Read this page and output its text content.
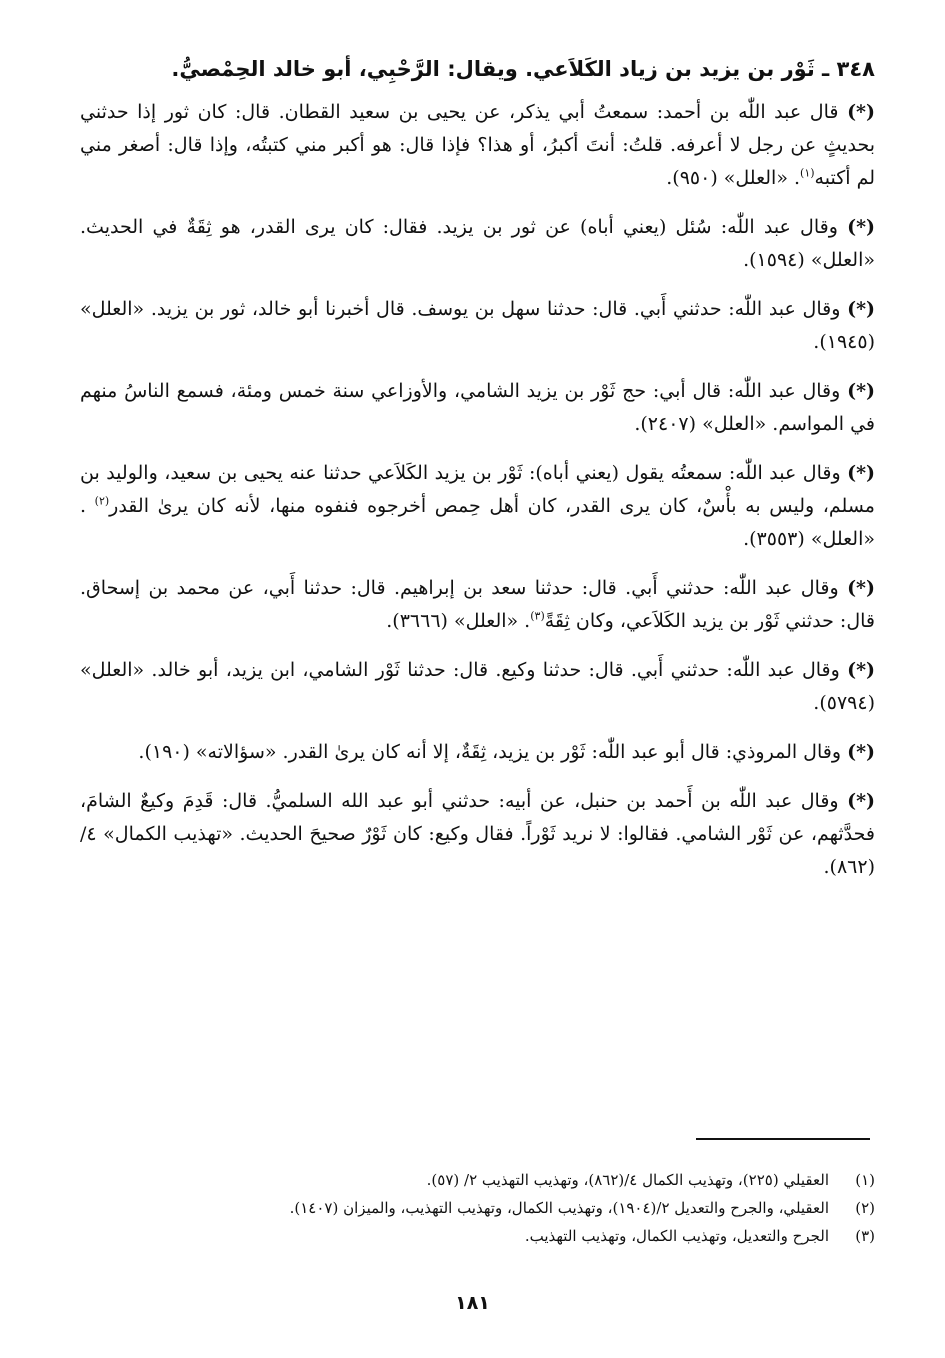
٣٤٨ ـ ثَوْر بن يزيد بن زياد الكَلاَعي. ويقال: الرَّحْبِي، أبو خالد الحِمْصيُّ.
(*) قال عبد اللّٰه بن أحمد: سمعتُ أبي يذكر، عن يحيى بن سعيد القطان. قال: كان ثور إذا حدثني بحديثٍ عن رجل لا أعرفه. قلتُ: أنتَ أكبرُ، أو هذا؟ فإذا قال: هو أكبر مني كتبتُه، وإذا قال: أصغر مني لم أكتبه$^{(١)}$. «العلل» (٩٥٠).
(*) وقال عبد اللّٰه: سُئل (يعني أباه) عن ثور بن يزيد. فقال: كان يرى القدر، هو ثِقَةٌ في الحديث. «العلل» (١٥٩٤).
(*) وقال عبد اللّٰه: حدثني أَبي. قال: حدثنا سهل بن يوسف. قال أخبرنا أبو خالد، ثور بن يزيد. «العلل» (١٩٤٥).
(*) وقال عبد اللّٰه: قال أبي: حج ثَوْر بن يزيد الشامي، والأوزاعي سنة خمس ومئة، فسمع الناسُ منهم في المواسم. «العلل» (٢٤٠٧).
(*) وقال عبد اللّٰه: سمعتُه يقول (يعني أباه): ثَوْر بن يزيد الكَلاَعي حدثنا عنه يحيى بن سعيد، والوليد بن مسلم، وليس به بأْسٌ، كان يرى القدر، كان أهل حِمص أخرجوه فنفوه منها، لأنه كان يرىٰ القدر$^{(٢)}$ . «العلل» (٣٥٥٣).
(*) وقال عبد اللّٰه: حدثني أَبي. قال: حدثنا سعد بن إبراهيم. قال: حدثنا أَبي، عن محمد بن إسحاق. قال: حدثني ثَوْر بن يزيد الكَلاَعي، وكان ثِقَةً$^{(٣)}$. «العلل» (٣٦٦٦).
(*) وقال عبد اللّٰه: حدثني أَبي. قال: حدثنا وكيع. قال: حدثنا ثَوْر الشامي، ابن يزيد، أبو خالد. «العلل» (٥٧٩٤).
(*) وقال المروذي: قال أبو عبد اللّٰه: ثَوْر بن يزيد، ثِقَةٌ، إلا أنه كان يرىٰ القدر. «سؤالاته» (١٩٠).
(*) وقال عبد اللّٰه بن أَحمد بن حنبل، عن أبيه: حدثني أبو عبد الله السلميُّ. قال: قَدِمَ وكيعٌ الشامَ، فحدَّثهم، عن ثَوْر الشامي. فقالوا: لا نريد ثَوْراً. فقال وكيع: كان ثَوْرٌ صحيحَ الحديث. «تهذيب الكمال» ٤/ (٨٦٢).
(١)العقيلي (٢٢٥)، وتهذيب الكمال ٤/(٨٦٢)، وتهذيب التهذيب ٢/ (٥٧).
(٢)العقيلي، والجرح والتعديل ٢/(١٩٠٤)، وتهذيب الكمال، وتهذيب التهذيب، والميزان (١٤٠٧).
(٣)الجرح والتعديل، وتهذيب الكمال، وتهذيب التهذيب.
١٨١
